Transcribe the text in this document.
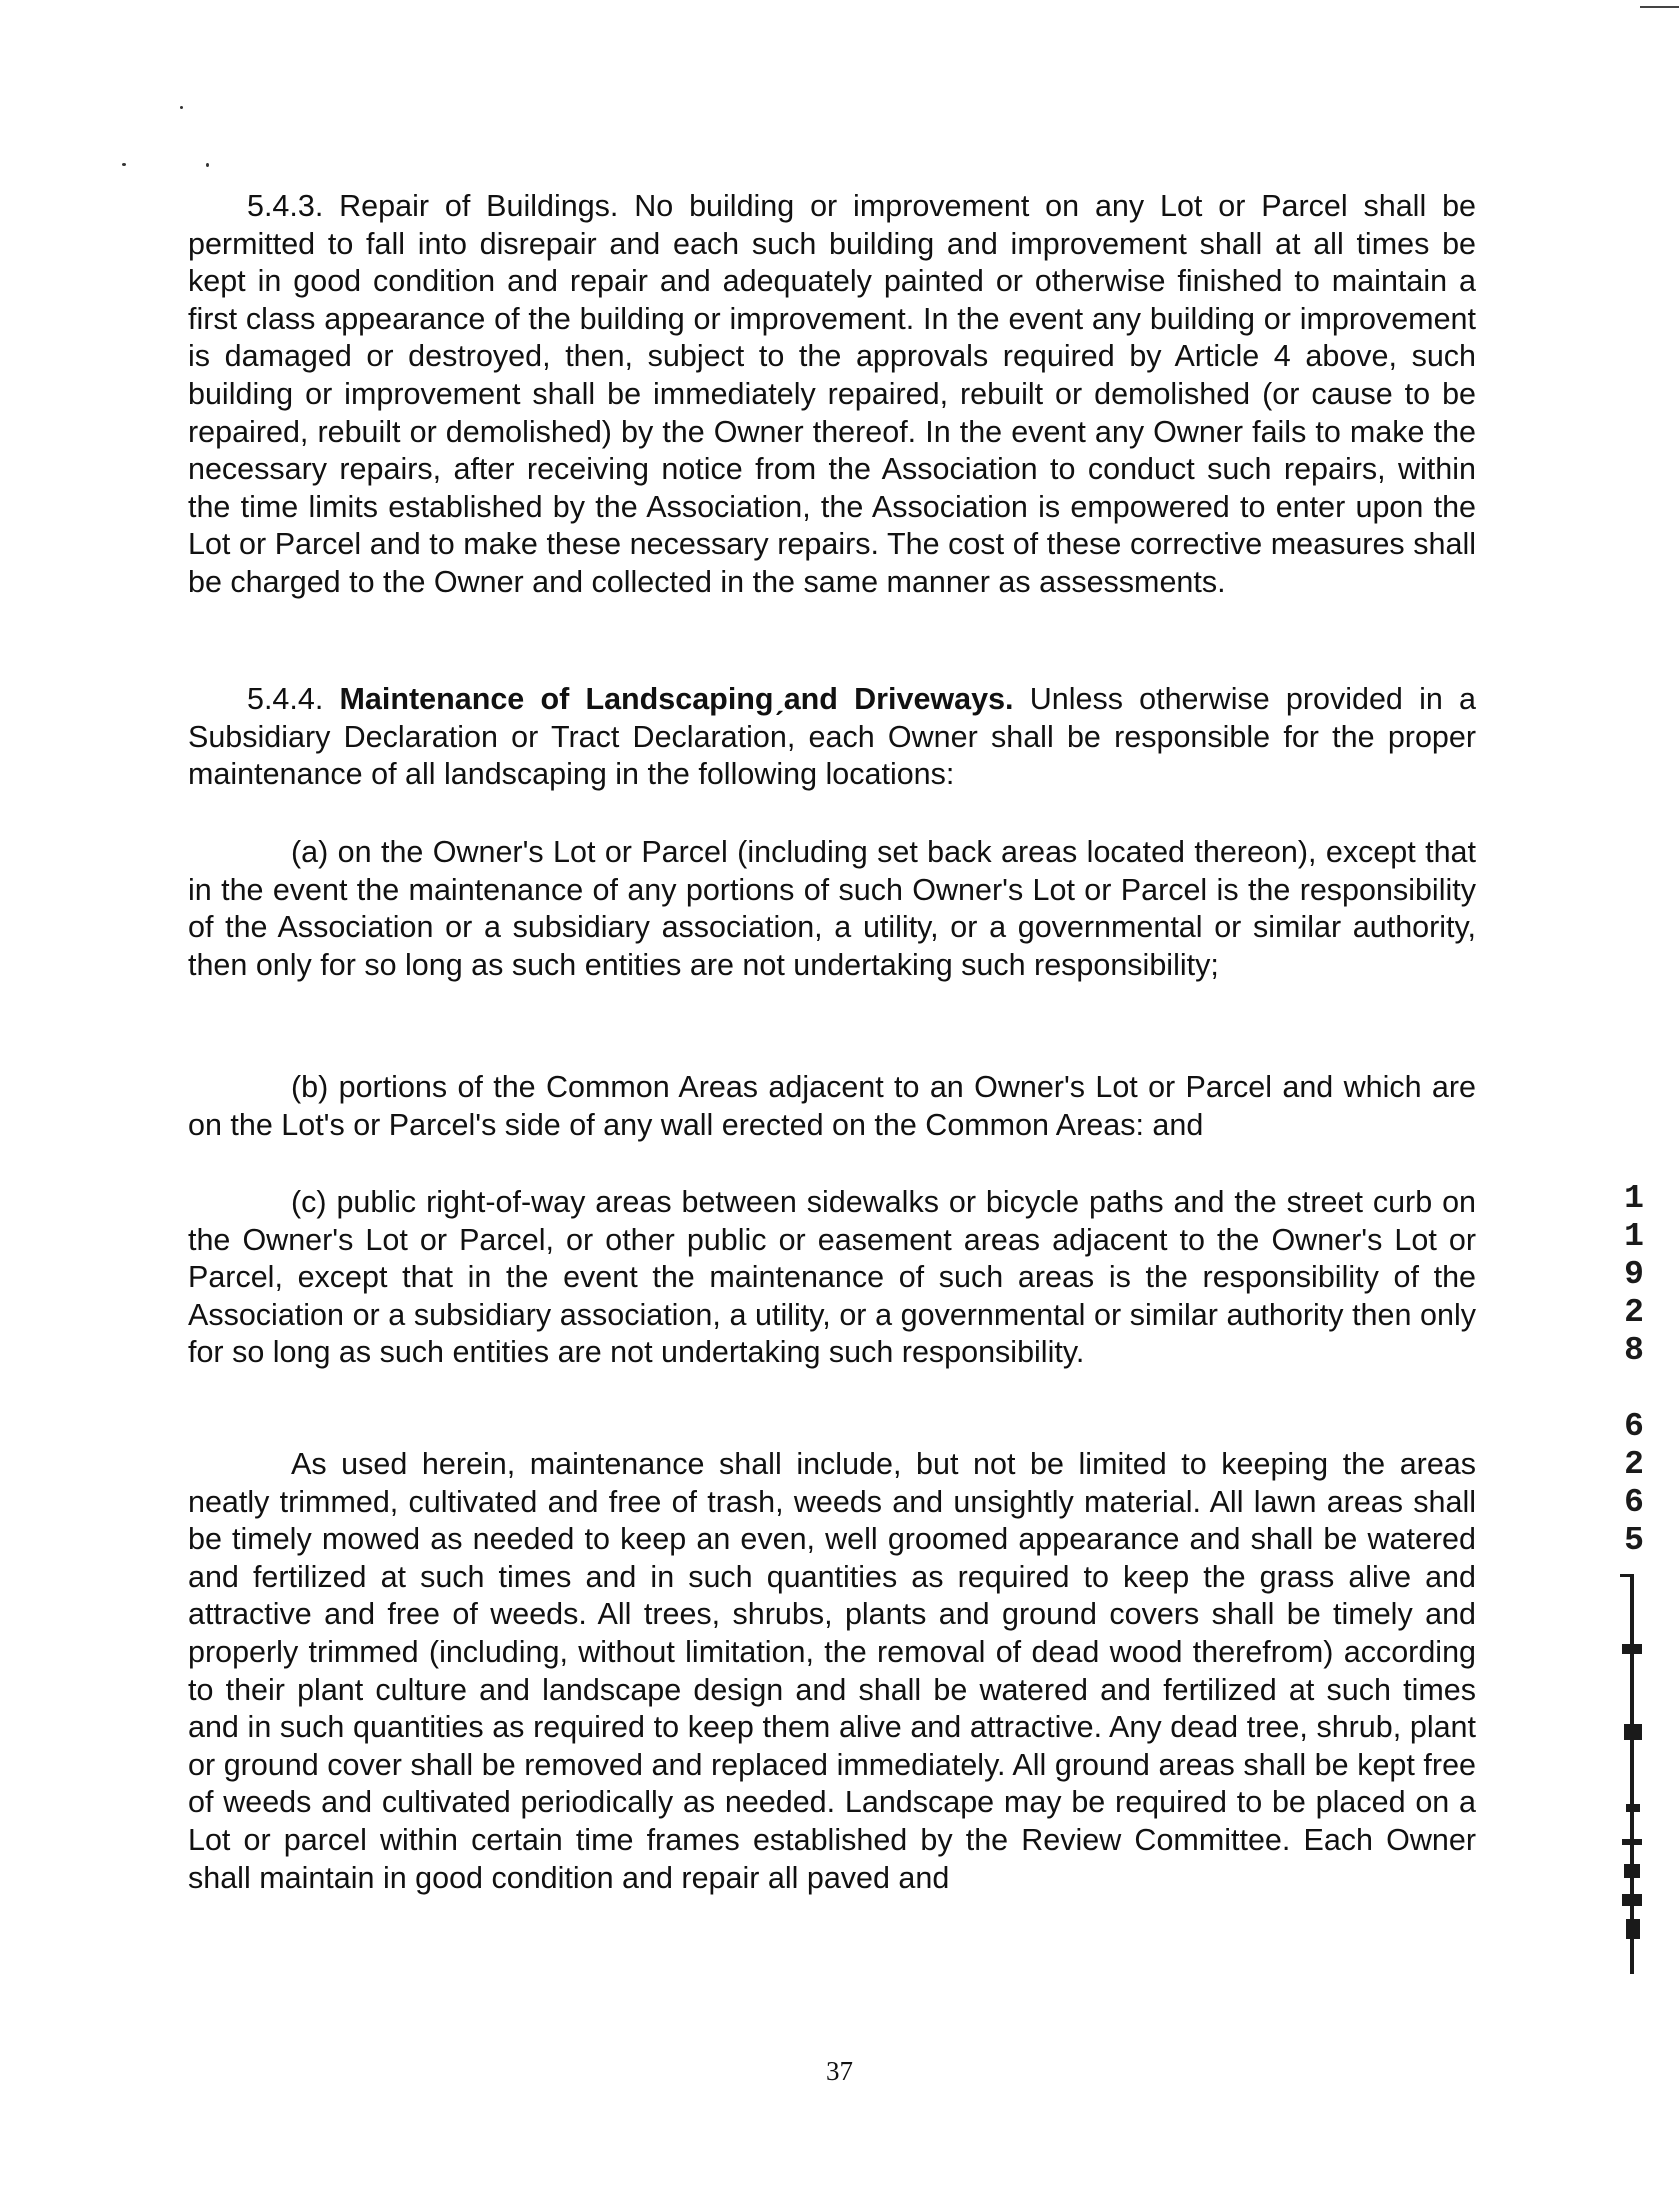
5.4.3. Repair of Buildings. No building or improvement on any Lot or Parcel shall be permitted to fall into disrepair and each such building and improvement shall at all times be kept in good condition and repair and adequately painted or otherwise finished to maintain a first class appearance of the building or improvement. In the event any building or improvement is damaged or destroyed, then, subject to the approvals required by Article 4 above, such building or improvement shall be immediately repaired, rebuilt or demolished (or cause to be repaired, rebuilt or demolished) by the Owner thereof. In the event any Owner fails to make the necessary repairs, after receiving notice from the Association to conduct such repairs, within the time limits established by the Association, the Association is empowered to enter upon the Lot or Parcel and to make these necessary repairs. The cost of these corrective measures shall be charged to the Owner and collected in the same manner as assessments.

5.4.4. Maintenance of Landscapingˏand Driveways. Unless otherwise provided in a Subsidiary Declaration or Tract Declaration, each Owner shall be responsible for the proper maintenance of all landscaping in the following locations:

(a) on the Owner's Lot or Parcel (including set back areas located thereon), except that in the event the maintenance of any portions of such Owner's Lot or Parcel is the responsibility of the Association or a subsidiary association, a utility, or a governmental or similar authority, then only for so long as such entities are not undertaking such responsibility;

(b) portions of the Common Areas adjacent to an Owner's Lot or Parcel and which are on the Lot's or Parcel's side of any wall erected on the Common Areas: and

(c) public right-of-way areas between sidewalks or bicycle paths and the street curb on the Owner's Lot or Parcel, or other public or easement areas adjacent to the Owner's Lot or Parcel, except that in the event the maintenance of such areas is the responsibility of the Association or a subsidiary association, a utility, or a governmental or similar authority then only for so long as such entities are not undertaking such responsibility.

As used herein, maintenance shall include, but not be limited to keeping the areas neatly trimmed, cultivated and free of trash, weeds and unsightly material. All lawn areas shall be timely mowed as needed to keep an even, well groomed appearance and shall be watered and fertilized at such times and in such quantities as required to keep the grass alive and attractive and free of weeds. All trees, shrubs, plants and ground covers shall be timely and properly trimmed (including, without limitation, the removal of dead wood therefrom) according to their plant culture and landscape design and shall be watered and fertilized at such times and in such quantities as required to keep them alive and attractive. Any dead tree, shrub, plant or ground cover shall be removed and replaced immediately. All ground areas shall be kept free of weeds and cultivated periodically as needed. Landscape may be required to be placed on a Lot or parcel within certain time frames established by the Review Committee. Each Owner shall maintain in good condition and repair all paved and

37
1
1
9
2
8
6
2
6
5
